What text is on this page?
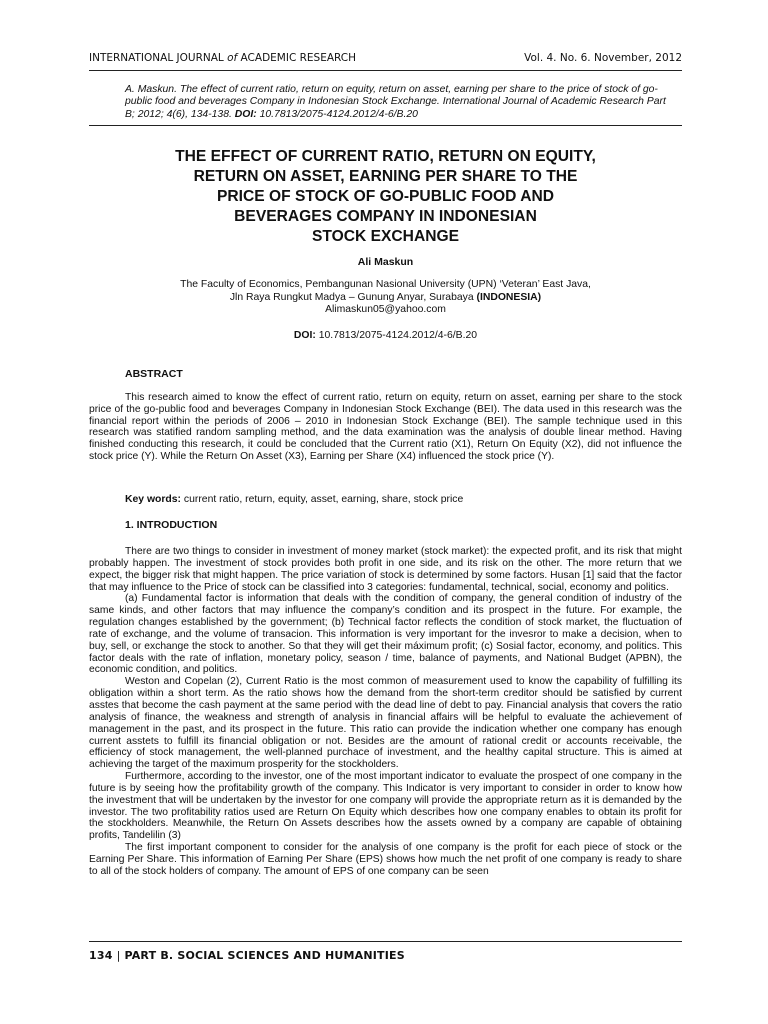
INTERNATIONAL JOURNAL of ACADEMIC RESEARCH	Vol. 4. No. 6. November, 2012
A. Maskun. The effect of current ratio, return on equity, return on asset, earning per share to the price of stock of go-public food and beverages Company in Indonesian Stock Exchange. International Journal of Academic Research Part B; 2012; 4(6), 134-138. DOI: 10.7813/2075-4124.2012/4-6/B.20
THE EFFECT OF CURRENT RATIO, RETURN ON EQUITY,
RETURN ON ASSET, EARNING PER SHARE TO THE
PRICE OF STOCK OF GO-PUBLIC FOOD AND
BEVERAGES COMPANY IN INDONESIAN
STOCK EXCHANGE
Ali Maskun
The Faculty of Economics, Pembangunan Nasional University (UPN) ‘Veteran’ East Java,
Jln Raya Rungkut Madya – Gunung Anyar, Surabaya (INDONESIA)
Alimaskun05@yahoo.com
DOI: 10.7813/2075-4124.2012/4-6/B.20
ABSTRACT

This research aimed to know the effect of current ratio, return on equity, return on asset, earning per share to the stock price of the go-public food and beverages Company in Indonesian Stock Exchange (BEI). The data used in this research was the financial report within the periods of 2006 – 2010 in Indonesian Stock Exchange (BEI). The sample technique used in this research was statified random sampling method, and the data examination was the analysis of double linear method. Having finished conducting this research, it could be concluded that the Current ratio (X1), Return On Equity (X2), did not influence the stock price (Y). While the Return On Asset (X3), Earning per Share (X4) influenced the stock price (Y).

Key words: current ratio, return, equity, asset, earning, share, stock price
1. INTRODUCTION

There are two things to consider in investment of money market (stock market): the expected profit, and its risk that might probably happen. The investment of stock provides both profit in one side, and its risk on the other. The more return that we expect, the bigger risk that might happen. The price variation of stock is determined by some factors. Husan [1] said that the factor that may influence to the Price of stock can be classified into 3 categories: fundamental, technical, social, economy and politics.

(a) Fundamental factor is information that deals with the condition of company, the general condition of industry of the same kinds, and other factors that may influence the company’s condition and its prospect in the future. For example, the regulation changes established by the government; (b) Technical factor reflects the condition of stock market, the fluctuation of rate of exchange, and the volume of transacion. This information is very important for the invesror to make a decision, when to buy, sell, or exchange the stock to another. So that they will get their máximum profit; (c) Sosial factor, economy, and politics. This factor deals with the rate of inflation, monetary policy, season / time, balance of payments, and National Budget (APBN), the economic condition, and politics.

Weston and Copelan (2), Current Ratio is the most common of measurement used to know the capability of fulfilling its obligation within a short term. As the ratio shows how the demand from the short-term creditor should be satisfied by current asstes that become the cash payment at the same period with the dead line of debt to pay. Financial analysis that covers the ratio analysis of finance, the weakness and strength of analysis in financial affairs will be helpful to evaluate the achievement of management in the past, and its prospect in the future. This ratio can provide the indication whether one company has enough current asstets to fulfill its financial obligation or not. Besides are the amount of rational credit or accounts receivable, the efficiency of stock management, the well-planned purchace of investment, and the healthy capital structure. This is aimed at achieving the target of the maximum prosperity for the stockholders.

Furthermore, according to the investor, one of the most important indicator to evaluate the prospect of one company in the future is by seeing how the profitability growth of the company. This Indicator is very important to consider in order to know how the investment that will be undertaken by the investor for one company will provide the appropriate return as it is demanded by the investor. The two profitability ratios used are Return On Equity which describes how one company enables to obtain its profit for the stockholders. Meanwhile, the Return On Assets describes how the assets owned by a company are capable of obtaining profits, Tandelilin (3)

The first important component to consider for the analysis of one company is the profit for each piece of stock or the Earning Per Share. This information of Earning Per Share (EPS) shows how much the net profit of one company is ready to share to all of the stock holders of company. The amount of EPS of one company can be seen

134 | PART B. SOCIAL SCIENCES AND HUMANITIES
